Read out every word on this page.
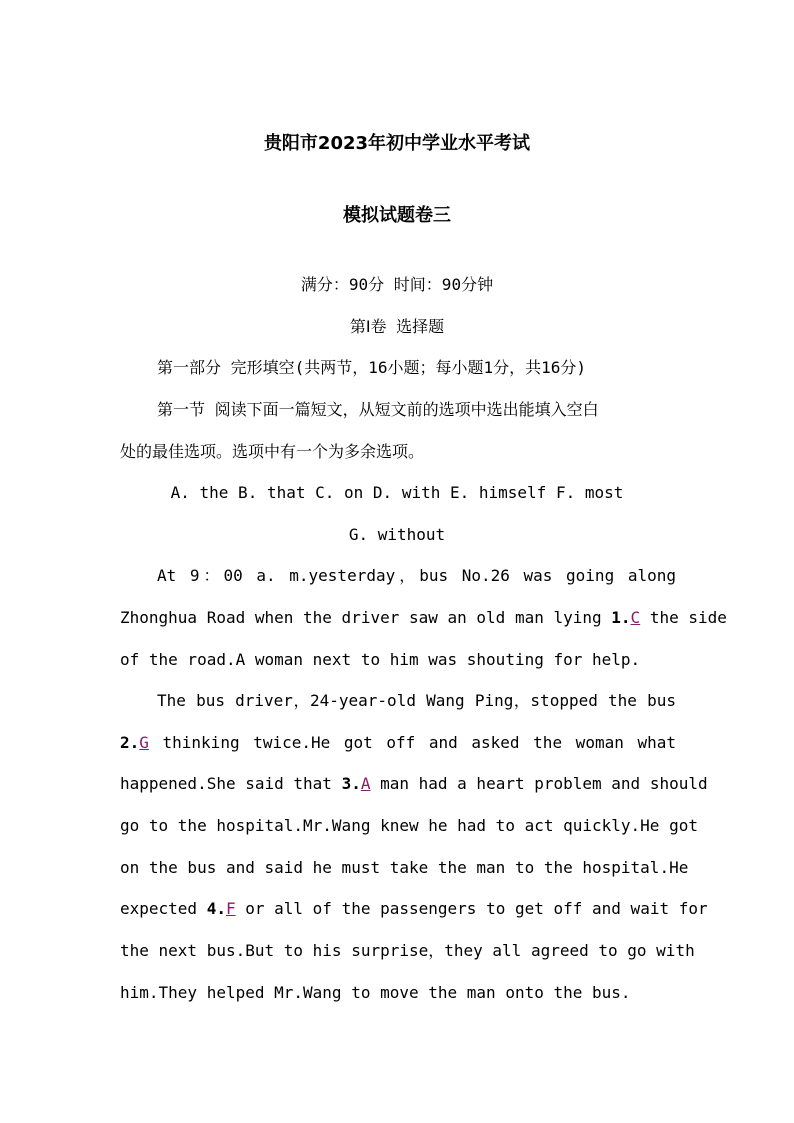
贵阳市2023年初中学业水平考试
模拟试题卷三
满分：90分 时间：90分钟
第Ⅰ卷 选择题
第一部分 完形填空(共两节，16小题；每小题1分，共16分)
第一节 阅读下面一篇短文，从短文前的选项中选出能填入空白
处的最佳选项。选项中有一个为多余选项。
A. the B. that C. on D. with E. himself F. most
G. without
At 9：00 a. m.yesterday，bus No.26 was going along
Zhonghua Road when the driver saw an old man lying 1.C the side
of the road.A woman next to him was shouting for help.
The bus driver，24-year-old Wang Ping，stopped the bus
2.G thinking twice.He got off and asked the woman what
happened.She said that 3.A man had a heart problem and should
go to the hospital.Mr.Wang knew he had to act quickly.He got
on the bus and said he must take the man to the hospital.He
expected 4.F or all of the passengers to get off and wait for
the next bus.But to his surprise，they all agreed to go with
him.They helped Mr.Wang to move the man onto the bus.
